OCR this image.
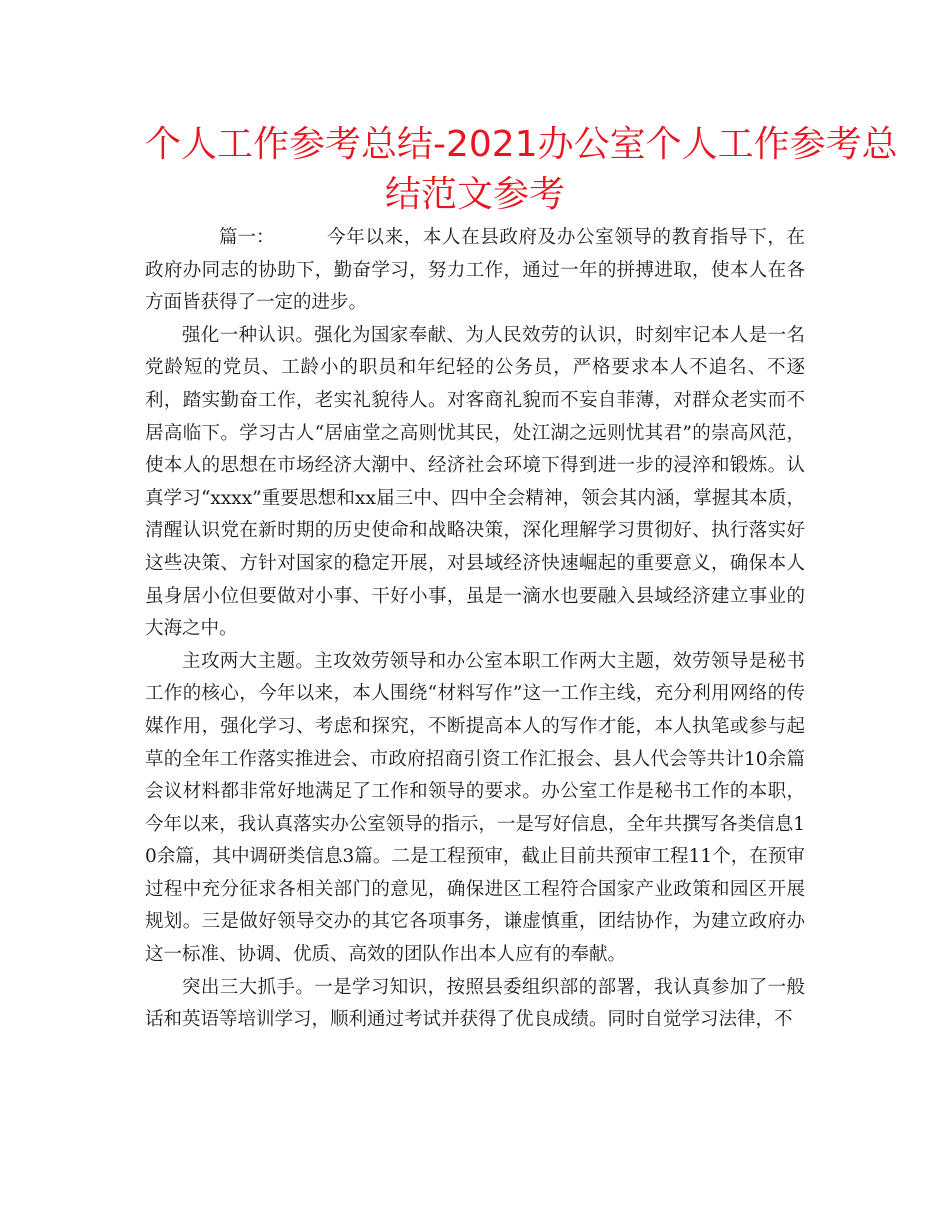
个人工作参考总结-2021办公室个人工作参考总
结范文参考

篇一：	今年以来，本人在县政府及办公室领导的教育指导下，在政府办同志的协助下，勤奋学习，努力工作，通过一年的拼搏进取，使本人在各方面皆获得了一定的进步。

强化一种认识。强化为国家奉献、为人民效劳的认识，时刻牢记本人是一名党龄短的党员、工龄小的职员和年纪轻的公务员，严格要求本人不追名、不逐利，踏实勤奋工作，老实礼貌待人。对客商礼貌而不妄自菲薄，对群众老实而不居高临下。学习古人“居庙堂之高则忧其民，处江湖之远则忧其君”的崇高风范，使本人的思想在市场经济大潮中、经济社会环境下得到进一步的浸淬和锻炼。认真学习“xxxx”重要思想和xx届三中、四中全会精神，领会其内涵，掌握其本质，清醒认识党在新时期的历史使命和战略决策，深化理解学习贯彻好、执行落实好这些决策、方针对国家的稳定开展，对县域经济快速崛起的重要意义，确保本人虽身居小位但要做对小事、干好小事，虽是一滴水也要融入县域经济建立事业的大海之中。

主攻两大主题。主攻效劳领导和办公室本职工作两大主题，效劳领导是秘书工作的核心，今年以来，本人围绕“材料写作”这一工作主线，充分利用网络的传媒作用，强化学习、考虑和探究，不断提高本人的写作才能，本人执笔或参与起草的全年工作落实推进会、市政府招商引资工作汇报会、县人代会等共计10余篇会议材料都非常好地满足了工作和领导的要求。办公室工作是秘书工作的本职，今年以来，我认真落实办公室领导的指示，一是写好信息，全年共撰写各类信息10余篇，其中调研类信息3篇。二是工程预审，截止目前共预审工程11个，在预审过程中充分征求各相关部门的意见，确保进区工程符合国家产业政策和园区开展规划。三是做好领导交办的其它各项事务，谦虚慎重，团结协作，为建立政府办这一标准、协调、优质、高效的团队作出本人应有的奉献。

突出三大抓手。一是学习知识，按照县委组织部的部署，我认真参加了一般话和英语等培训学习，顺利通过考试并获得了优良成绩。同时自觉学习法律，不
